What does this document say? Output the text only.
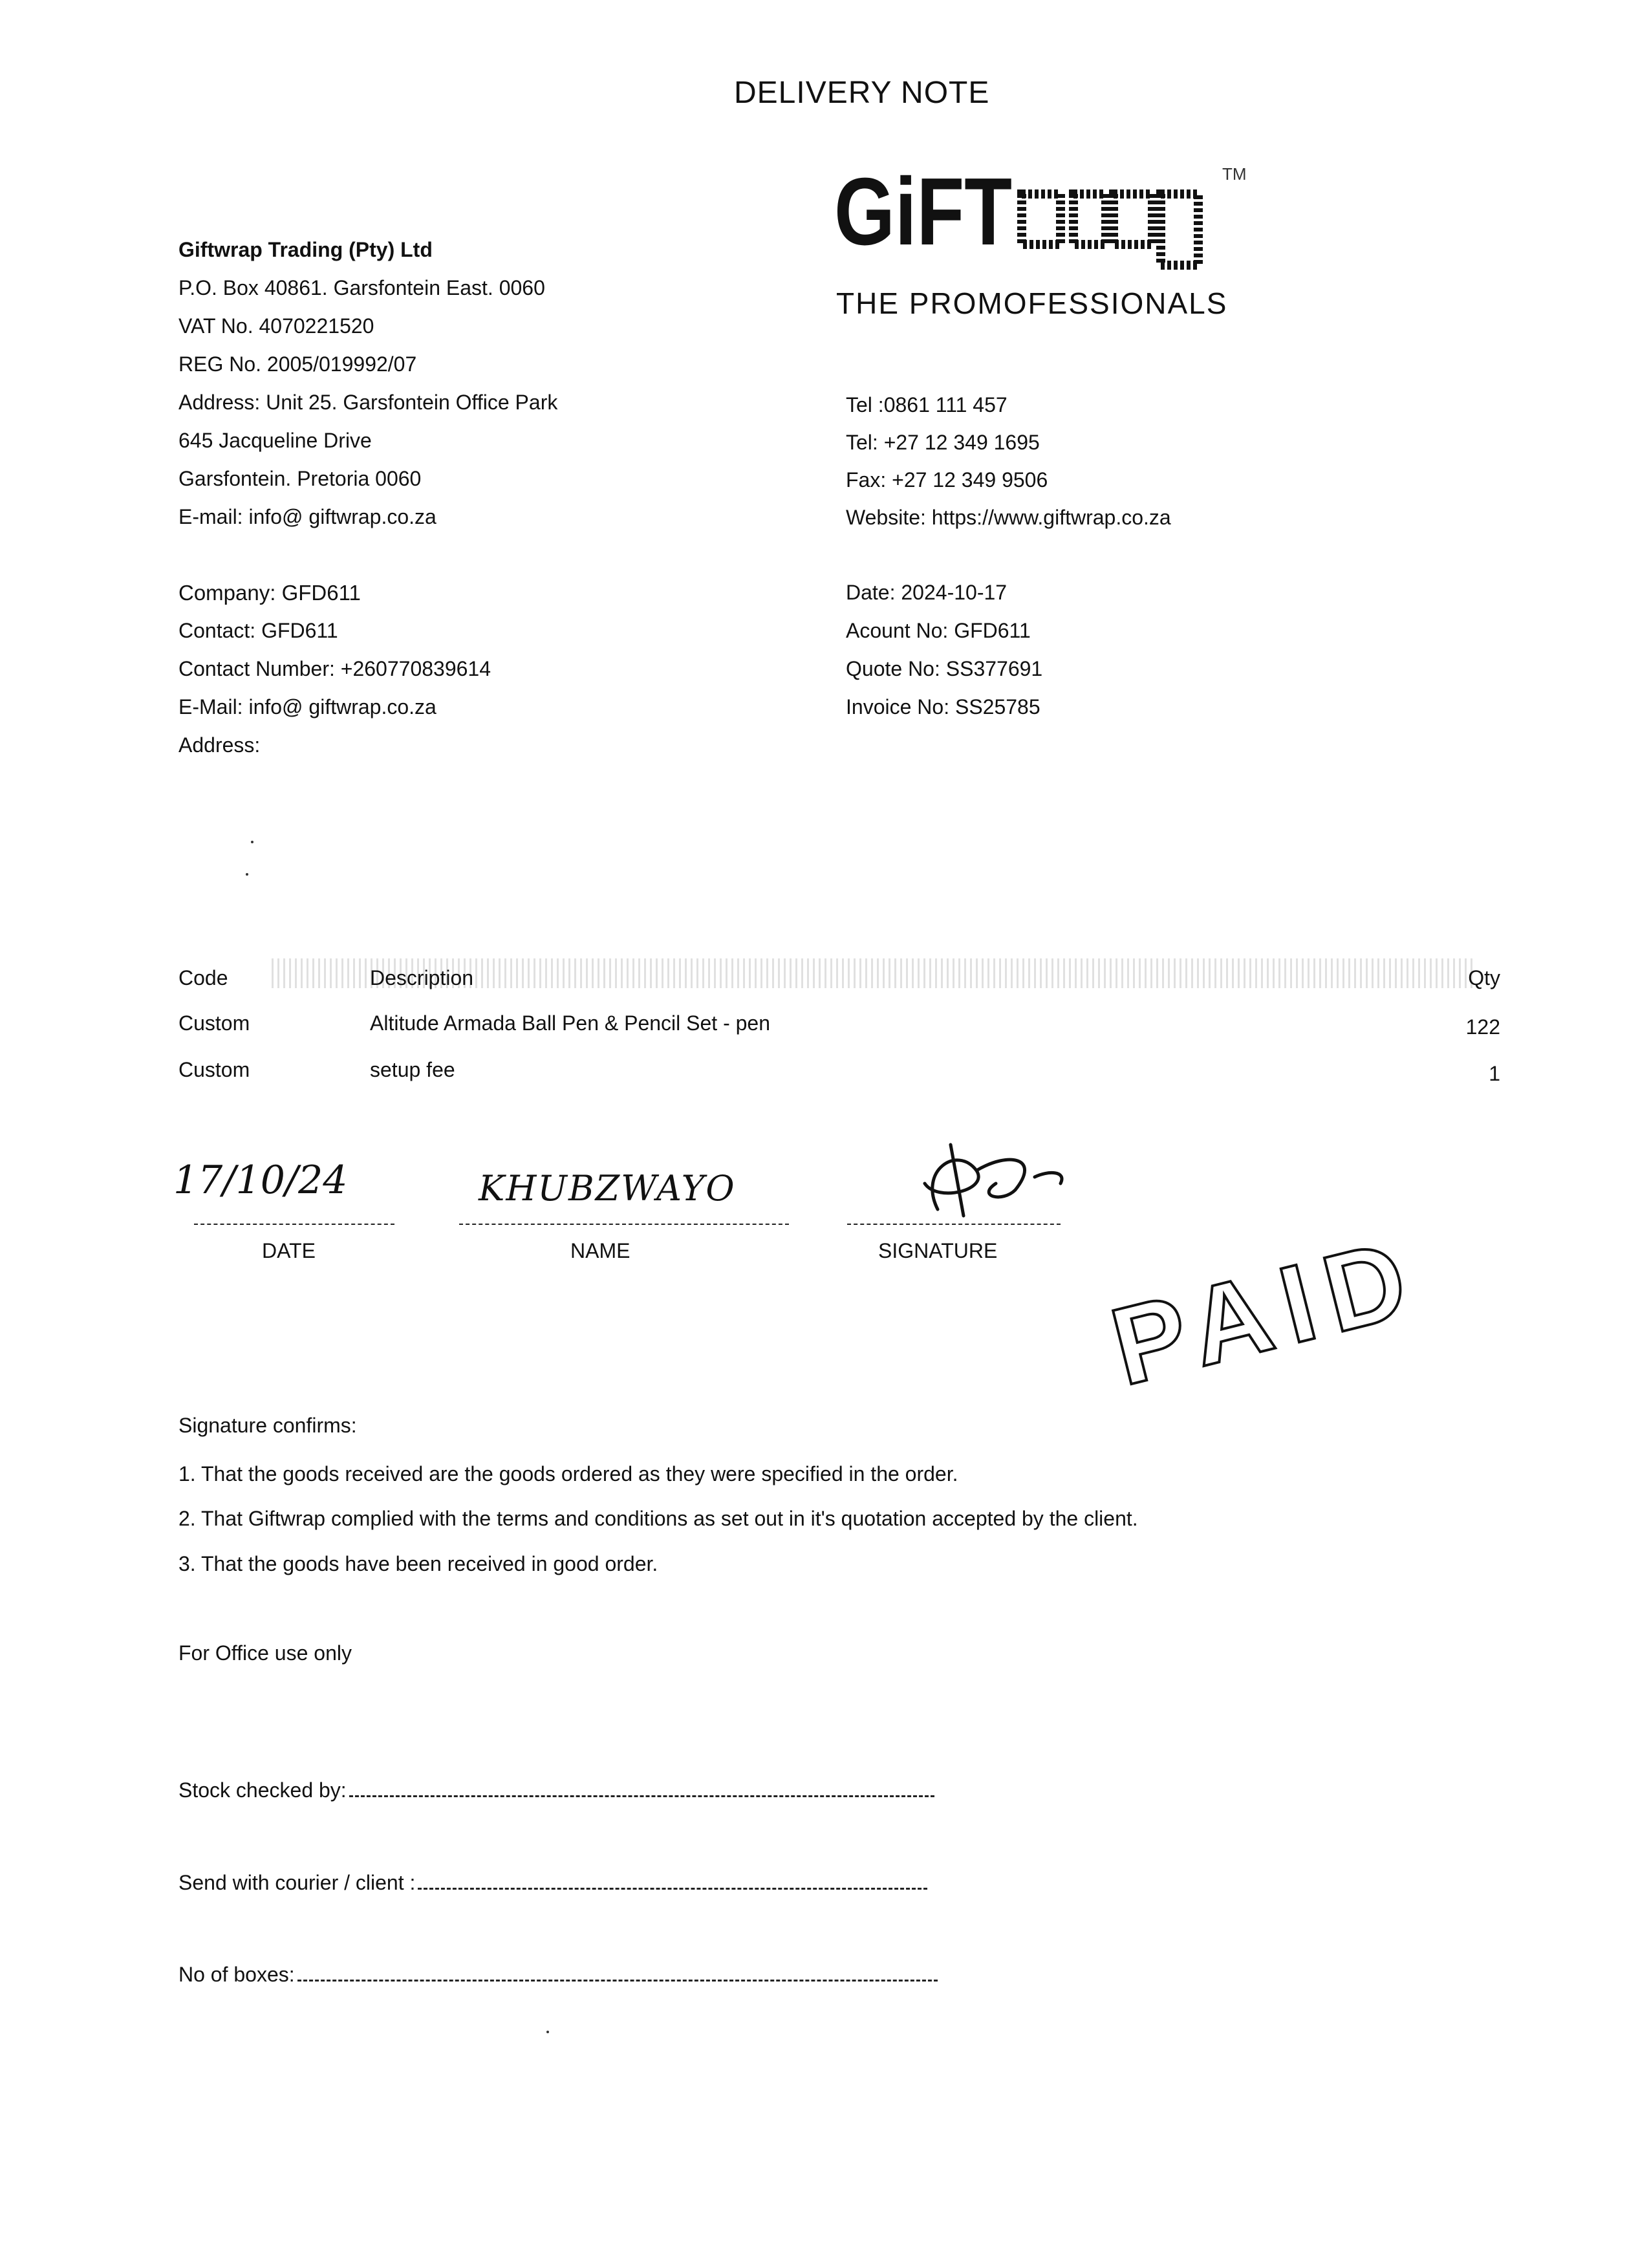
DELIVERY NOTE
GiFT	TM
THE PROMOFESSIONALS
Giftwrap Trading (Pty) Ltd
P.O. Box 40861. Garsfontein East. 0060
VAT No. 4070221520
REG No. 2005/019992/07
Address: Unit 25. Garsfontein Office Park
645 Jacqueline Drive
Garsfontein. Pretoria 0060
E-mail: info@ giftwrap.co.za
Tel :0861 111 457
Tel: +27 12 349 1695
Fax: +27 12 349 9506
Website: https://www.giftwrap.co.za
Company: GFD611
Contact: GFD611
Contact Number: +260770839614
E-Mail: info@ giftwrap.co.za
Address:
Date: 2024-10-17
Acount No: GFD611
Quote No: SS377691
Invoice No: SS25785
Code	Description	Qty
Custom	Altitude Armada Ball Pen & Pencil Set - pen	122
Custom	setup fee	1
17/10/24
DATE
KHUBZWAYO
NAME	SIGNATURE PAID
Signature confirms:
1. That the goods received are the goods ordered as they were specified in the order.
2. That Giftwrap complied with the terms and conditions as set out in it's quotation accepted by the client.
3. That the goods have been received in good order.
For Office use only
Stock checked by:
Send with courier / client :
No of boxes:
